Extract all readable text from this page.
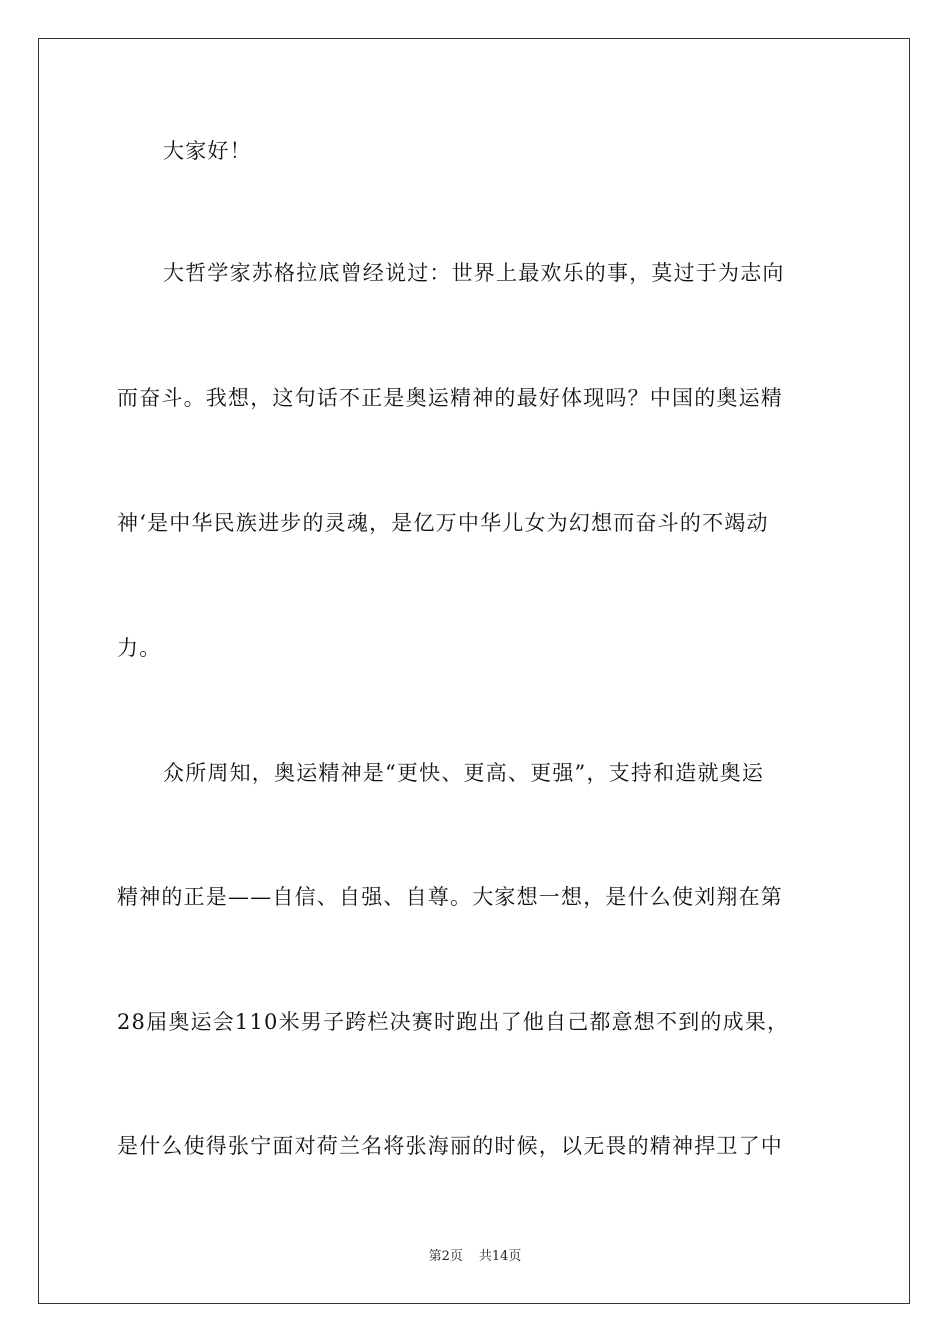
大家好！
大哲学家苏格拉底曾经说过：世界上最欢乐的事，莫过于为志向
而奋斗。我想，这句话不正是奥运精神的最好体现吗？中国的奥运精
神‘是中华民族进步的灵魂，是亿万中华儿女为幻想而奋斗的不竭动
力。
众所周知，奥运精神是“更快、更高、更强”，支持和造就奥运
精神的正是——自信、自强、自尊。大家想一想，是什么使刘翔在第
28届奥运会110米男子跨栏决赛时跑出了他自己都意想不到的成果，
是什么使得张宁面对荷兰名将张海丽的时候，以无畏的精神捍卫了中
第2页 共14页
